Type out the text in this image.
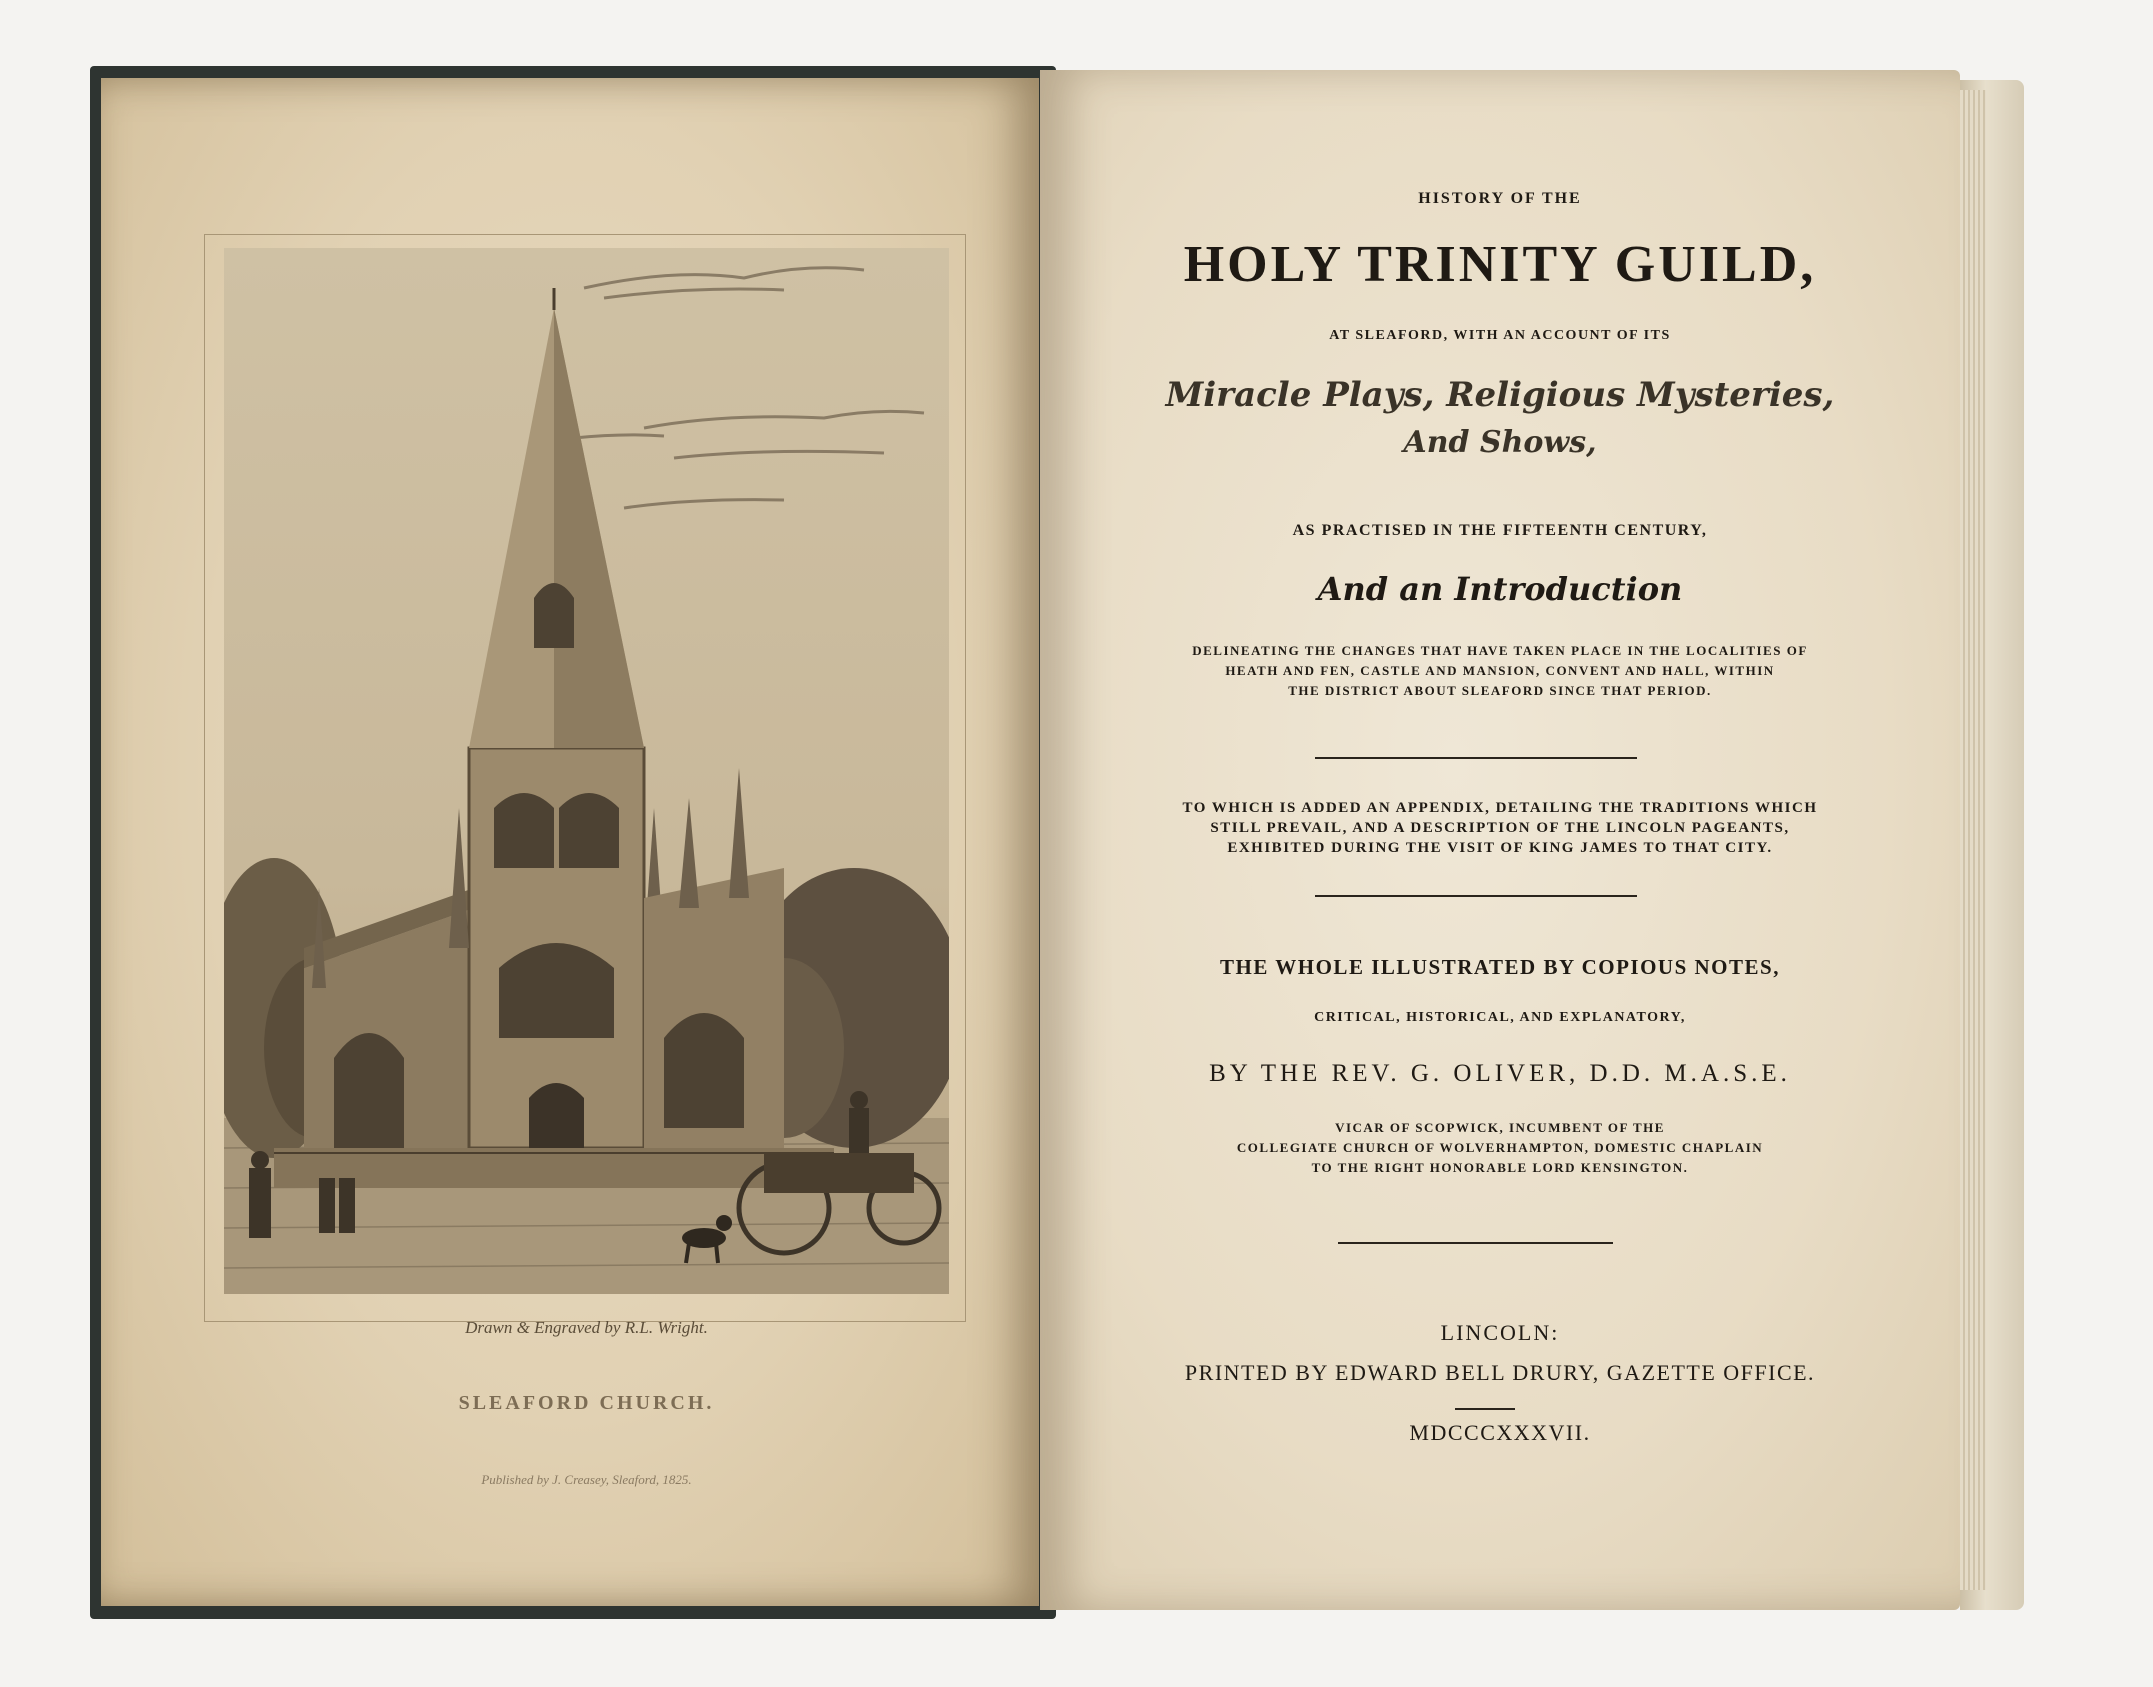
Drawn & Engraved by R.L. Wright.
SLEAFORD CHURCH.
Published by J. Creasey, Sleaford, 1825.
HISTORY OF THE
HOLY TRINITY GUILD,
AT SLEAFORD, WITH AN ACCOUNT OF ITS
Miracle Plays, Religious Mysteries,
And Shows,
AS PRACTISED IN THE FIFTEENTH CENTURY,
And an Introduction
DELINEATING THE CHANGES THAT HAVE TAKEN PLACE IN THE LOCALITIES OF
HEATH AND FEN, CASTLE AND MANSION, CONVENT AND HALL, WITHIN
THE DISTRICT ABOUT SLEAFORD SINCE THAT PERIOD.
TO WHICH IS ADDED AN APPENDIX, DETAILING THE TRADITIONS WHICH
STILL PREVAIL, AND A DESCRIPTION OF THE LINCOLN PAGEANTS,
EXHIBITED DURING THE VISIT OF KING JAMES TO THAT CITY.
THE WHOLE ILLUSTRATED BY COPIOUS NOTES,
CRITICAL, HISTORICAL, AND EXPLANATORY,
BY THE REV. G. OLIVER, D.D. M.A.S.E.
VICAR OF SCOPWICK, INCUMBENT OF THE
COLLEGIATE CHURCH OF WOLVERHAMPTON, DOMESTIC CHAPLAIN
TO THE RIGHT HONORABLE LORD KENSINGTON.
LINCOLN:
PRINTED BY EDWARD BELL DRURY, GAZETTE OFFICE.
MDCCCXXXVII.
